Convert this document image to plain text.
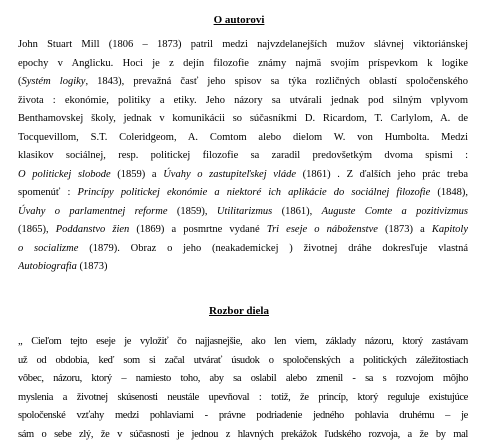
O autorovi
John Stuart Mill (1806 – 1873) patril medzi najvzdelanejších mužov slávnej viktoriánskej
epochy v Anglicku. Hoci je z dejín filozofie známy najmä svojím príspevkom k logike
(Systém logiky, 1843), prevažná časť jeho spisov sa týka rozličných oblastí spoločenského
života : ekonómie, politiky a etiky. Jeho názory sa utvárali jednak pod silným vplyvom
Benthamovskej školy, jednak v komunikácii so súčasníkmi D. Ricardom, T. Carlylom, A. de
Tocquevillom, S.T. Coleridgeom, A. Comtom alebo dielom W. von Humbolta. Medzi
klasikov sociálnej, resp. politickej filozofie sa zaradil predovšetkým dvoma spismi :
O politickej slobode (1859) a Úvahy o zastupiteľskej vláde (1861) . Z ďalších jeho prác treba
spomenúť : Princípy politickej ekonómie a niektoré ich aplikácie do sociálnej filozofie (1848),
Úvahy o parlamentnej reforme (1859), Utilitarizmus (1861), Auguste Comte a pozitivizmus
(1865), Poddanstvo žien (1869) a posmrtne vydané Tri eseje o náboženstve (1873) a Kapitoly
o socializme (1879). Obraz o jeho (neakademickej ) životnej dráhe dokresľuje vlastná
Autobiografia (1873)
Rozbor diela
„ Cieľom tejto eseje je vyložiť čo najjasnejšie, ako len viem, základy názoru, ktorý zastávam
už od obdobia, keď som si začal utvárať úsudok o spoločenských a politických záležitostiach
vôbec, názoru, ktorý – namiesto toho, aby sa oslabil alebo zmenil - sa s rozvojom môjho
myslenia a životnej skúsenosti neustále upevňoval : totiž, že princíp, ktorý reguluje existujúce
spoločenské vzťahy medzi pohlaviami - právne podriadenie jedného pohlavia druhému – je
sám o sebe zlý, že v súčasnosti je jednou z hlavných prekážok ľudského rozvoja, a že by mal
